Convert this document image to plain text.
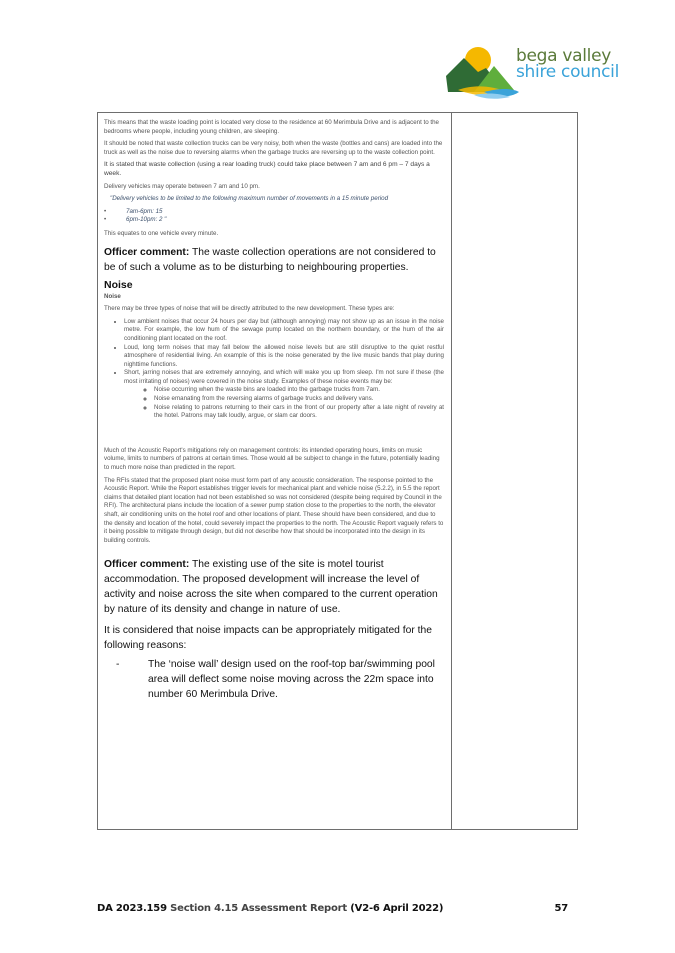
bega valley
shire council

This means that the waste loading point is located very close to the residence at 60 Merimbula Drive and is adjacent to the bedrooms where people, including young children, are sleeping.

It should be noted that waste collection trucks can be very noisy, both when the waste (bottles and cans) are loaded into the truck as well as the noise due to reversing alarms when the garbage trucks are reversing up to the waste collection point.

It is stated that waste collection (using a rear loading truck) could take place between 7 am and 6 pm – 7 days a week.

Delivery vehicles may operate between 7 am and 10 pm.

"Delivery vehicles to be limited to the following maximum number of movements in a 15 minute period

•	7am-6pm: 15
•	6pm-10pm: 2 "

This equates to one vehicle every minute.

Officer comment: The waste collection operations are not considered to be of such a volume as to be disturbing to neighbouring properties.

Noise

Noise

There may be three types of noise that will be directly attributed to the new development. These types are:

• Low ambient noises that occur 24 hours per day but (although annoying) may not show up as an issue in the noise metre. For example, the low hum of the sewage pump located on the northern boundary, or the hum of the air conditioning plant located on the roof.
• Loud, long term noises that may fall below the allowed noise levels but are still disruptive to the quiet restful atmosphere of residential living. An example of this is the noise generated by the live music bands that play during nighttime functions.
• Short, jarring noises that are extremely annoying, and which will wake you up from sleep. I'm not sure if these (the most irritating of noises) were covered in the noise study. Examples of these noise events may be:
◦ Noise occurring when the waste bins are loaded into the garbage trucks from 7am.
◦ Noise emanating from the reversing alarms of garbage trucks and delivery vans.
◦ Noise relating to patrons returning to their cars in the front of our property after a late night of revelry at the hotel. Patrons may talk loudly, argue, or slam car doors.

Much of the Acoustic Report's mitigations rely on management controls: its intended operating hours, limits on music volume, limits to numbers of patrons at certain times. Those would all be subject to change in the future, potentially leading to much more noise than predicted in the report.

The RFIs stated that the proposed plant noise must form part of any acoustic consideration. The response pointed to the Acoustic Report. While the Report establishes trigger levels for mechanical plant and vehicle noise (5.2.2), in 5.5 the report claims that detailed plant location had not been established so was not considered (despite being required by Council in the RFI). The architectural plans include the location of a sewer pump station close to the properties to the north, the elevator shaft, air conditioning units on the hotel roof and other locations of plant. These should have been considered, and due to the density and location of the hotel, could severely impact the properties to the north. The Acoustic Report vaguely refers to it being possible to mitigate through design, but did not describe how that should be incorporated into the design in its building controls.

Officer comment: The existing use of the site is motel tourist accommodation. The proposed development will increase the level of activity and noise across the site when compared to the current operation by nature of its density and change in nature of use.

It is considered that noise impacts can be appropriately mitigated for the following reasons:

-	The ‘noise wall’ design used on the roof-top bar/swimming pool area will deflect some noise moving across the 22m space into number 60 Merimbula Drive.
DA 2023.159 Section 4.15 Assessment Report (V2-6 April 2022)	57
